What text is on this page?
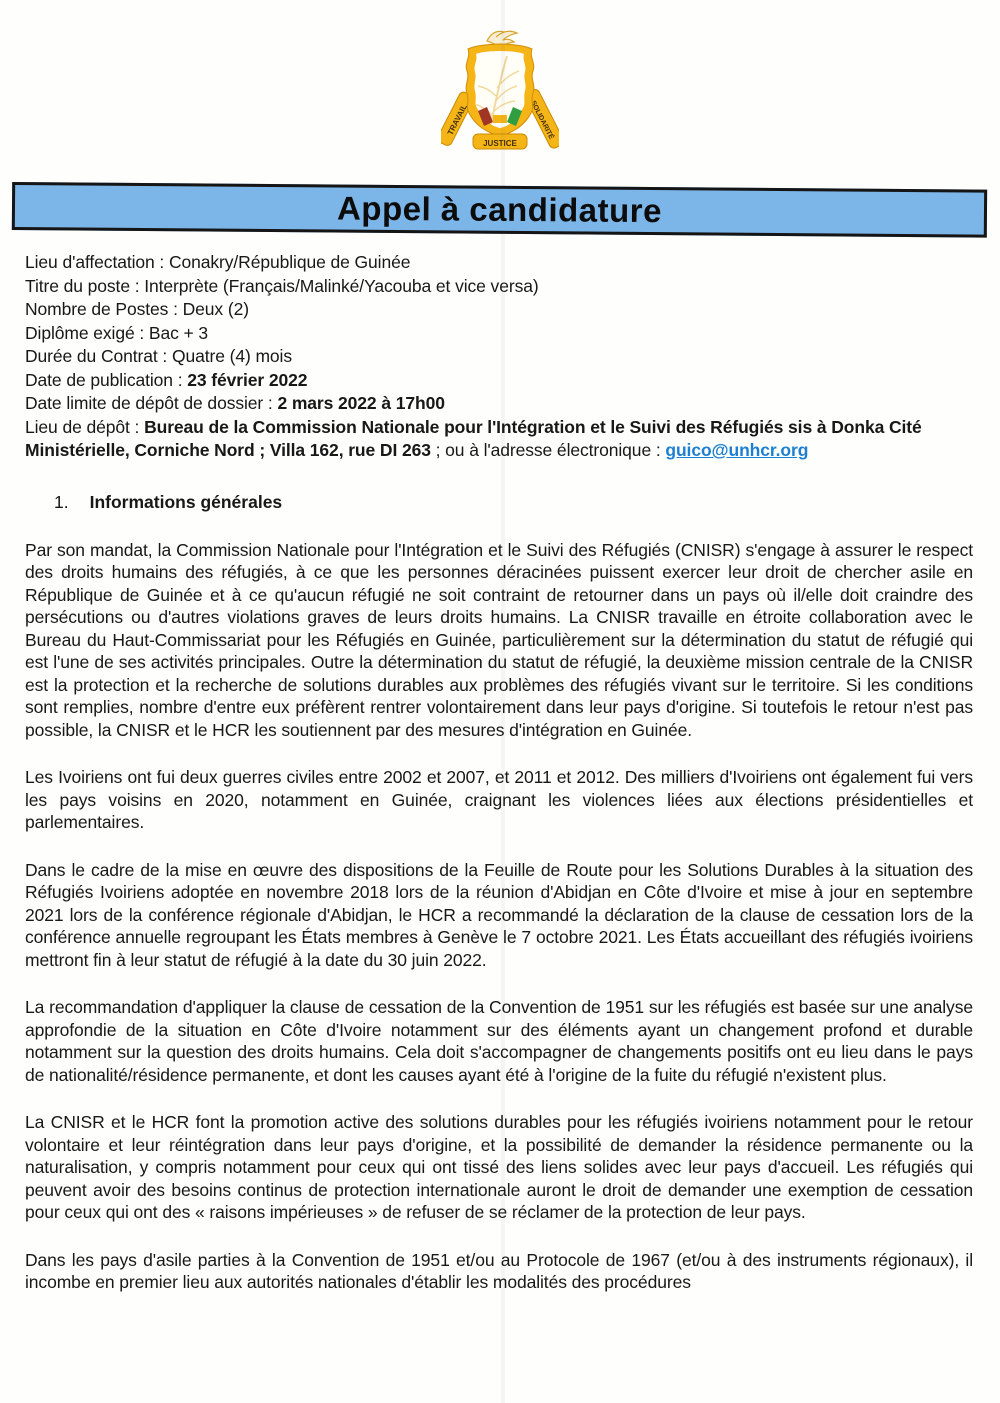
TRAVAIL	SOLIDARITÉ
JUSTICE
Appel à candidature
Lieu d'affectation : Conakry/République de Guinée
Titre du poste : Interprète (Français/Malinké/Yacouba et vice versa)
Nombre de Postes : Deux (2)
Diplôme exigé : Bac + 3
Durée du Contrat : Quatre (4) mois
Date de publication : 23 février 2022
Date limite de dépôt de dossier : 2 mars 2022 à 17h00
Lieu de dépôt : Bureau de la Commission Nationale pour l'Intégration et le Suivi des Réfugiés sis à Donka Cité Ministérielle, Corniche Nord ; Villa 162, rue DI 263 ; ou à l'adresse électronique : guico@unhcr.org
1. Informations générales

Par son mandat, la Commission Nationale pour l'Intégration et le Suivi des Réfugiés (CNISR) s'engage à assurer le respect des droits humains des réfugiés, à ce que les personnes déracinées puissent exercer leur droit de chercher asile en République de Guinée et à ce qu'aucun réfugié ne soit contraint de retourner dans un pays où il/elle doit craindre des persécutions ou d'autres violations graves de leurs droits humains. La CNISR travaille en étroite collaboration avec le Bureau du Haut-Commissariat pour les Réfugiés en Guinée, particulièrement sur la détermination du statut de réfugié qui est l'une de ses activités principales. Outre la détermination du statut de réfugié, la deuxième mission centrale de la CNISR est la protection et la recherche de solutions durables aux problèmes des réfugiés vivant sur le territoire. Si les conditions sont remplies, nombre d'entre eux préfèrent rentrer volontairement dans leur pays d'origine. Si toutefois le retour n'est pas possible, la CNISR et le HCR les soutiennent par des mesures d'intégration en Guinée.

Les Ivoiriens ont fui deux guerres civiles entre 2002 et 2007, et 2011 et 2012. Des milliers d'Ivoiriens ont également fui vers les pays voisins en 2020, notamment en Guinée, craignant les violences liées aux élections présidentielles et parlementaires.

Dans le cadre de la mise en œuvre des dispositions de la Feuille de Route pour les Solutions Durables à la situation des Réfugiés Ivoiriens adoptée en novembre 2018 lors de la réunion d'Abidjan en Côte d'Ivoire et mise à jour en septembre 2021 lors de la conférence régionale d'Abidjan, le HCR a recommandé la déclaration de la clause de cessation lors de la conférence annuelle regroupant les États membres à Genève le 7 octobre 2021. Les États accueillant des réfugiés ivoiriens mettront fin à leur statut de réfugié à la date du 30 juin 2022.

La recommandation d'appliquer la clause de cessation de la Convention de 1951 sur les réfugiés est basée sur une analyse approfondie de la situation en Côte d'Ivoire notamment sur des éléments ayant un changement profond et durable notamment sur la question des droits humains. Cela doit s'accompagner de changements positifs ont eu lieu dans le pays de nationalité/résidence permanente, et dont les causes ayant été à l'origine de la fuite du réfugié n'existent plus.

La CNISR et le HCR font la promotion active des solutions durables pour les réfugiés ivoiriens notamment pour le retour volontaire et leur réintégration dans leur pays d'origine, et la possibilité de demander la résidence permanente ou la naturalisation, y compris notamment pour ceux qui ont tissé des liens solides avec leur pays d'accueil. Les réfugiés qui peuvent avoir des besoins continus de protection internationale auront le droit de demander une exemption de cessation pour ceux qui ont des « raisons impérieuses » de refuser de se réclamer de la protection de leur pays.

Dans les pays d'asile parties à la Convention de 1951 et/ou au Protocole de 1967 (et/ou à des instruments régionaux), il incombe en premier lieu aux autorités nationales d'établir les modalités des procédures
